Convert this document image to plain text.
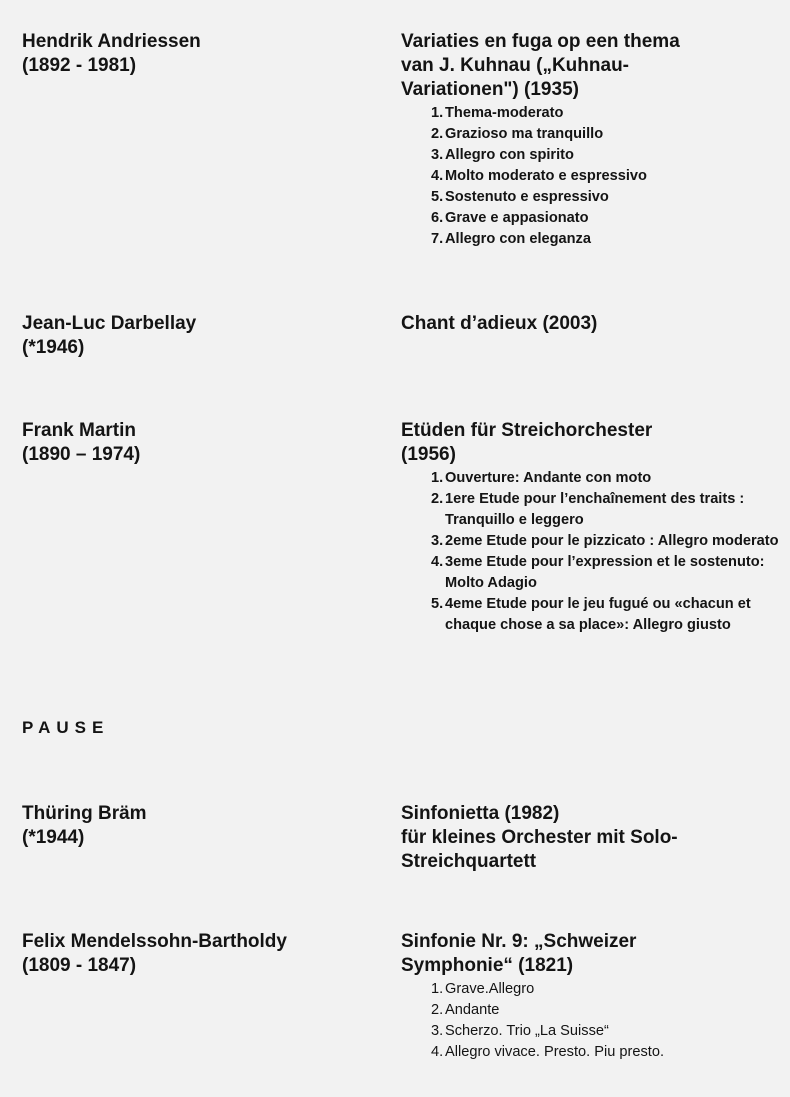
Hendrik Andriessen
(1892 - 1981)
Variaties en fuga op een thema
van J. Kuhnau („Kuhnau-
Variationen") (1935)
1. Thema-moderato
2. Grazioso ma tranquillo
3. Allegro con spirito
4. Molto moderato e espressivo
5. Sostenuto e espressivo
6. Grave e appasionato
7. Allegro con eleganza
Jean-Luc Darbellay
(*1946)
Chant d’adieux (2003)
Frank Martin
(1890 – 1974)
Etüden für Streichorchester
(1956)
1. Ouverture: Andante con moto
2. 1ere Etude pour l’enchaînement des traits : Tranquillo e leggero
3. 2eme Etude pour le pizzicato : Allegro moderato
4. 3eme Etude pour l’expression et le sostenuto: Molto Adagio
5. 4eme Etude pour le jeu fugué ou «chacun et chaque chose a sa place»: Allegro giusto
PAUSE
Thüring Bräm
(*1944)
Sinfonietta (1982)
für kleines Orchester mit Solo-
Streichquartett
Felix Mendelssohn-Bartholdy
(1809 - 1847)
Sinfonie Nr. 9: „Schweizer
Symphonie“ (1821)
1. Grave.Allegro
2. Andante
3. Scherzo. Trio „La Suisse“
4. Allegro vivace. Presto. Piu presto.
